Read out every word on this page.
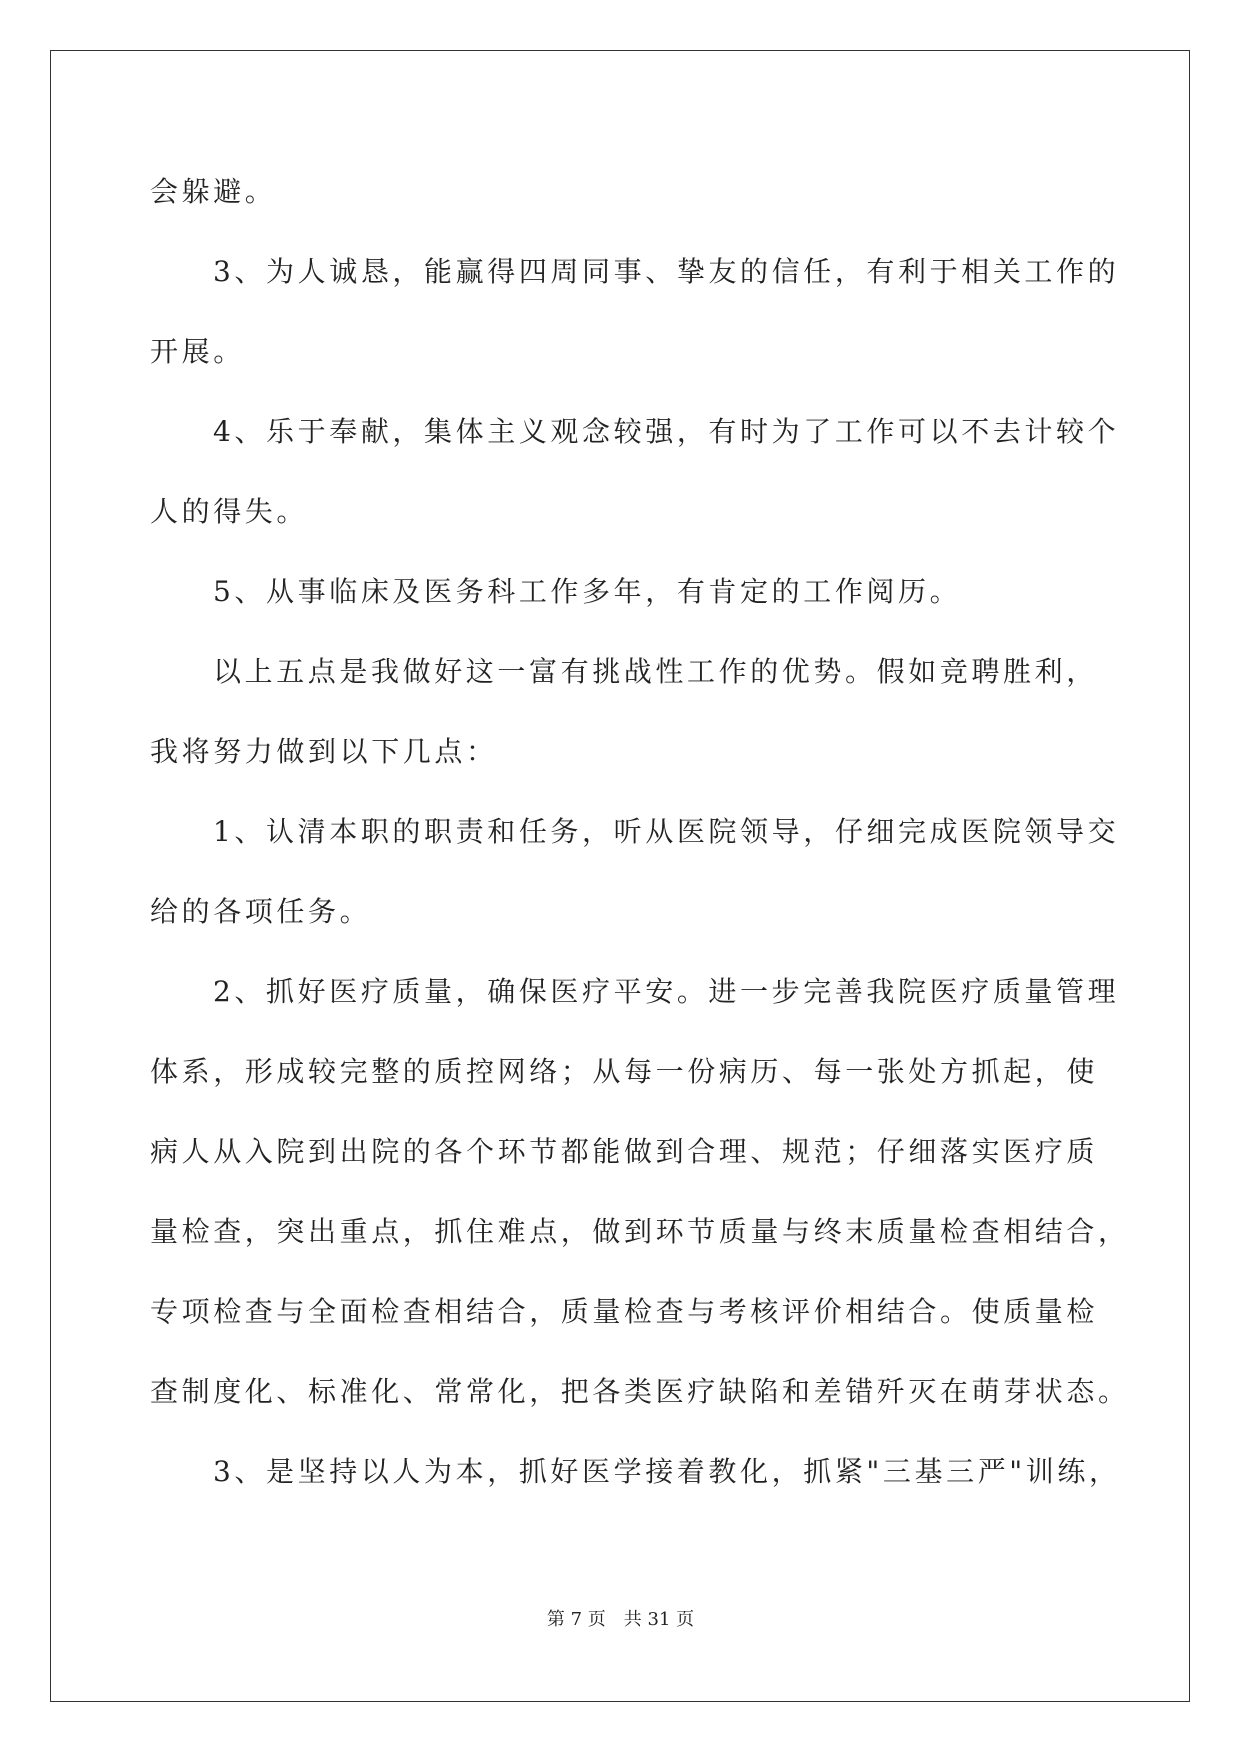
会躲避。
3、为人诚恳，能赢得四周同事、挚友的信任，有利于相关工作的
开展。
4、乐于奉献，集体主义观念较强，有时为了工作可以不去计较个
人的得失。
5、从事临床及医务科工作多年，有肯定的工作阅历。
以上五点是我做好这一富有挑战性工作的优势。假如竞聘胜利，
我将努力做到以下几点：
1、认清本职的职责和任务，听从医院领导，仔细完成医院领导交
给的各项任务。
2、抓好医疗质量，确保医疗平安。进一步完善我院医疗质量管理
体系，形成较完整的质控网络；从每一份病历、每一张处方抓起，使
病人从入院到出院的各个环节都能做到合理、规范；仔细落实医疗质
量检查，突出重点，抓住难点，做到环节质量与终末质量检查相结合，
专项检查与全面检查相结合，质量检查与考核评价相结合。使质量检
查制度化、标准化、常常化，把各类医疗缺陷和差错歼灭在萌芽状态。
3、是坚持以人为本，抓好医学接着教化，抓紧"三基三严"训练，
第 7 页　共 31 页
